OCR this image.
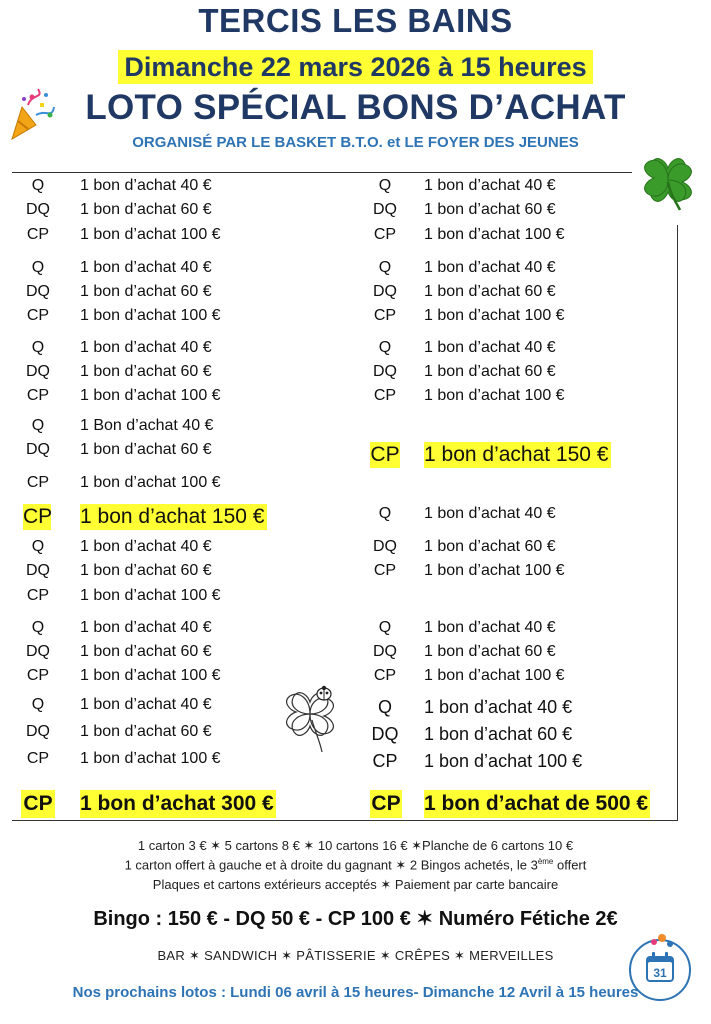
TERCIS LES BAINS
Dimanche 22 mars 2026 à 15 heures
LOTO SPÉCIAL BONS D’ACHAT
ORGANISÉ PAR LE BASKET B.T.O. et LE FOYER DES JEUNES
31
Q	1 bon d’achat 40 €
DQ 1 bon d’achat 60 €
CP 1 bon d’achat 100 €
Q	1 bon d’achat 40 €
DQ 1 bon d’achat 60 €
CP 1 bon d’achat 100 €
Q	1 bon d’achat 40 €
DQ 1 bon d’achat 60 €
CP 1 bon d’achat 100 €
Q	1 Bon d’achat 40 €
DQ 1 bon d’achat 60 €
CP 1 bon d’achat 100 €
CP 1 bon d’achat 150 €
Q	1 bon d’achat 40 €
DQ 1 bon d’achat 60 €
CP 1 bon d’achat 100 €
Q	1 bon d’achat 40 €
DQ 1 bon d’achat 60 €
CP 1 bon d’achat 100 €
Q	1 bon d’achat 40 €
DQ 1 bon d’achat 60 €
CP 1 bon d’achat 100 €
CP 1 bon d’achat 300 €
Q	1 bon d’achat 40 €
DQ 1 bon d’achat 60 €
CP 1 bon d’achat 100 €
Q	1 bon d’achat 40 €
DQ 1 bon d’achat 60 €
CP 1 bon d’achat 100 €
Q	1 bon d’achat 40 €
DQ 1 bon d’achat 60 €
CP 1 bon d’achat 100 €
CP 1 bon d’achat 150 €
Q	1 bon d’achat 40 €
DQ 1 bon d’achat 60 €
CP 1 bon d’achat 100 €
Q	1 bon d’achat 40 €
DQ 1 bon d’achat 60 €
CP 1 bon d’achat 100 €
Q	1 bon d’achat 40 €
DQ 1 bon d’achat 60 €
CP 1 bon d’achat 100 €
CP 1 bon d’achat de 500 €
1 carton 3 € ✶ 5 cartons 8 € ✶ 10 cartons 16 € ✶Planche de 6 cartons 10 €
1 carton offert à gauche et à droite du gagnant ✶ 2 Bingos achetés, le 3ème offert
Plaques et cartons extérieurs acceptés ✶ Paiement par carte bancaire
Bingo : 150 € - DQ 50 € - CP 100 € ✶ Numéro Fétiche 2€
BAR ✶ SANDWICH ✶ PÂTISSERIE ✶ CRÊPES ✶ MERVEILLES
Nos prochains lotos : Lundi 06 avril à 15 heures- Dimanche 12 Avril à 15 heures
